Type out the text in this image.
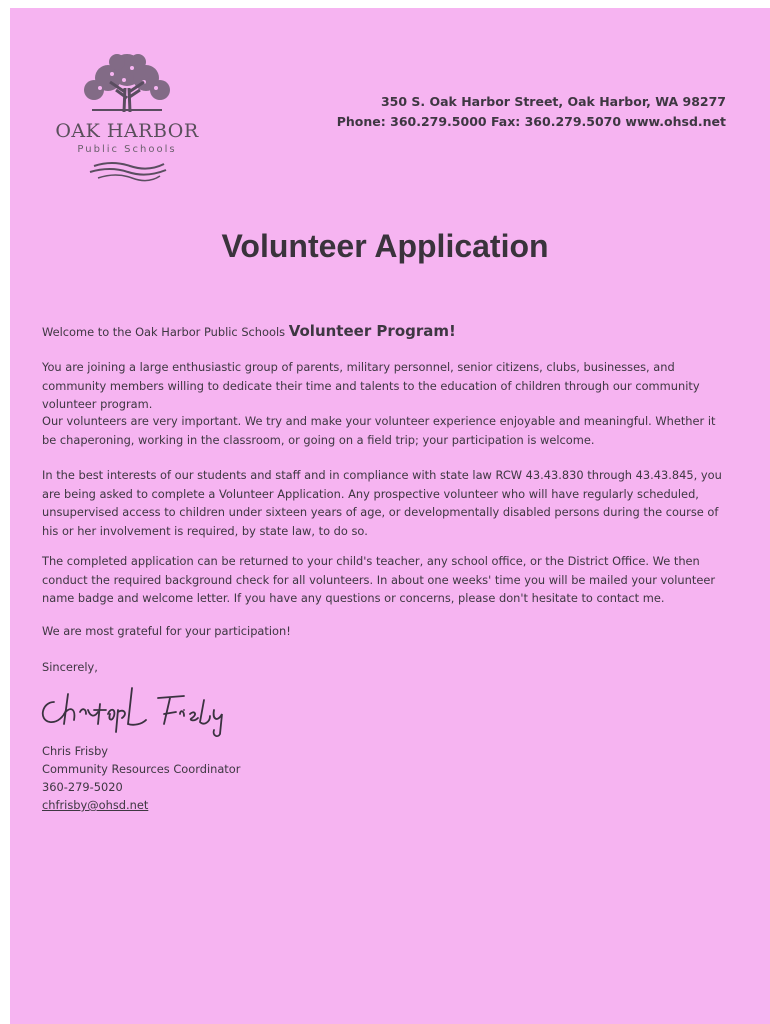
OAK HARBOR
Public Schools
350 S. Oak Harbor Street, Oak Harbor, WA 98277
Phone: 360.279.5000 Fax: 360.279.5070 www.ohsd.net
Volunteer Application
Welcome to the Oak Harbor Public Schools Volunteer Program!
You are joining a large enthusiastic group of parents, military personnel, senior citizens, clubs, businesses, and community members willing to dedicate their time and talents to the education of children through our community volunteer program.
Our volunteers are very important. We try and make your volunteer experience enjoyable and meaningful. Whether it be chaperoning, working in the classroom, or going on a field trip; your participation is welcome.
In the best interests of our students and staff and in compliance with state law RCW 43.43.830 through 43.43.845, you are being asked to complete a Volunteer Application. Any prospective volunteer who will have regularly scheduled, unsupervised access to children under sixteen years of age, or developmentally disabled persons during the course of his or her involvement is required, by state law, to do so.
The completed application can be returned to your child's teacher, any school office, or the District Office. We then conduct the required background check for all volunteers. In about one weeks' time you will be mailed your volunteer name badge and welcome letter. If you have any questions or concerns, please don't hesitate to contact me.
We are most grateful for your participation!
Sincerely,
Chris Frisby
Community Resources Coordinator
360-279-5020
chfrisby@ohsd.net
